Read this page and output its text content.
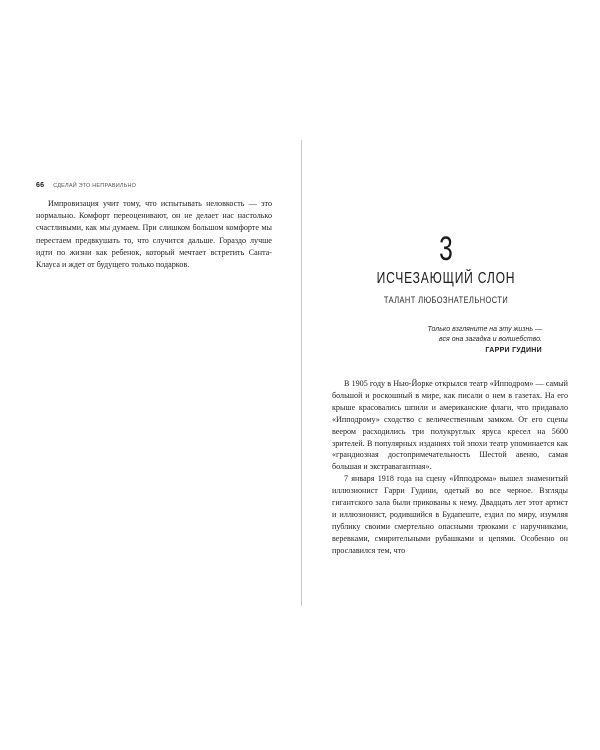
66 СДЕЛАЙ ЭТО НЕПРАВИЛЬНО

Импровизация учит тому, что испытывать неловкость — это нормально. Комфорт переоценивают, он не делает нас настолько счастливыми, как мы думаем. При слишком большом комфорте мы перестаем предвкушать то, что случится дальше. Гораздо лучше идти по жизни как ребенок, который мечтает встретить Санта-Клауса и ждет от будущего только подарков.	3
ИСЧЕЗАЮЩИЙ СЛОН
ТАЛАНТ ЛЮБОЗНАТЕЛЬНОСТИ
Только взгляните на эту жизнь —
вся она загадка и волшебство.
ГАРРИ ГУДИНИ

В 1905 году в Нью-Йорке открылся театр «Ипподром» — самый большой и роскошный в мире, как писали о нем в газетах. На его крыше красовались шпили и американские флаги, что придавало «Ипподрому» сходство с величественным замком. От его сцены веером расходились три полукруглых яруса кресел на 5600 зрителей. В популярных изданиях той эпохи театр упоминается как «грандиозная достопримечательность Шестой авеню, самая большая и экстравагантная».

7 января 1918 года на сцену «Ипподрома» вышел знаменитый иллюзионист Гарри Гудини, одетый во все черное. Взгляды гигантского зала были прикованы к нему. Двадцать лет этот артист и иллюзионист, родившийся в Будапеште, ездил по миру, изумляя публику своими смертельно опасными трюками с наручниками, веревками, смирительными рубашками и цепями. Особенно он прославился тем, что
